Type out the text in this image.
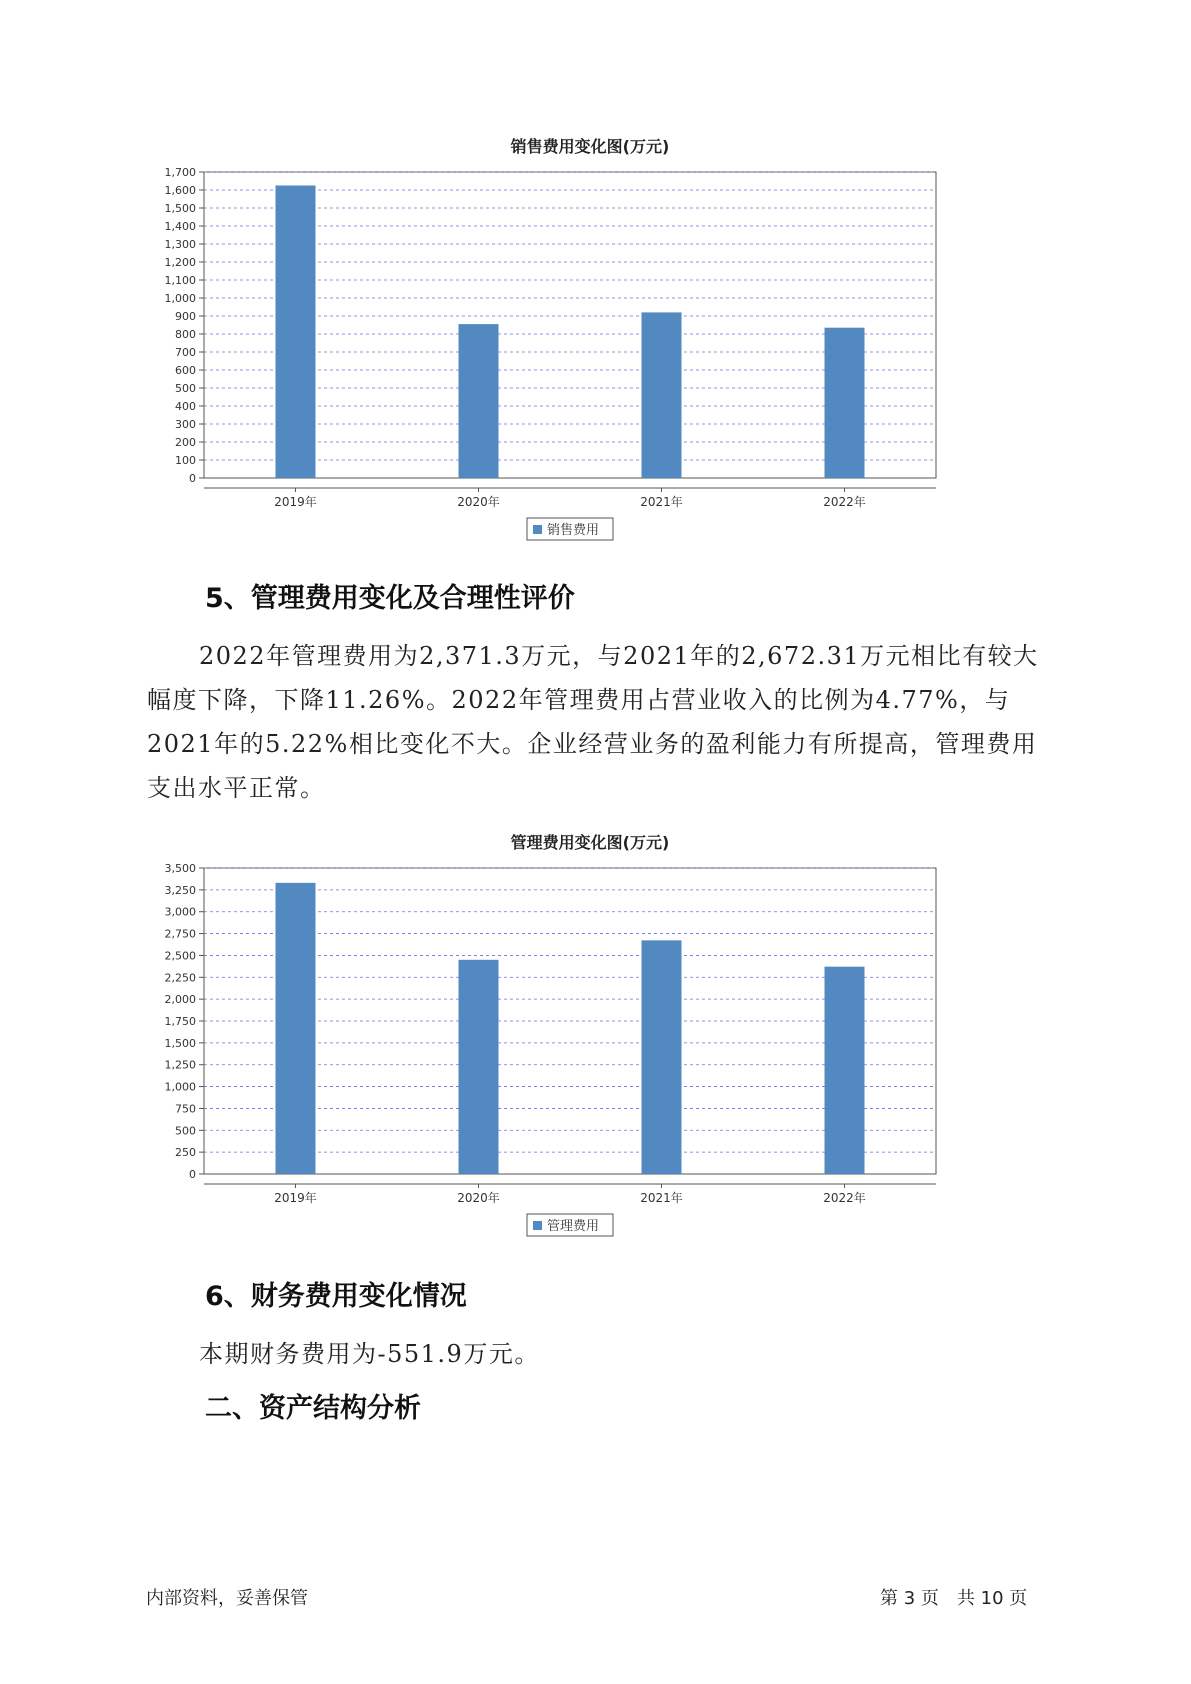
销售费用变化图(万元)
0
100
200
300
400
500
600
700
800
900
1,000
1,100
1,200
1,300
1,400
1,500
1,600
1,700
2019年	2020年	2021年	2022年
销售费用
5、管理费用变化及合理性评价
2022年管理费用为2,371.3万元，与2021年的2,672.31万元相比有较大幅度下降，下降11.26%。2022年管理费用占营业收入的比例为4.77%，与2021年的5.22%相比变化不大。企业经营业务的盈利能力有所提高，管理费用支出水平正常。
管理费用变化图(万元)
0
250
500
750
1,000
1,250
1,500
1,750
2,000
2,250
2,500
2,750
3,000
3,250
3,500
2019年	2020年	2021年	2022年
管理费用
6、财务费用变化情况
本期财务费用为-551.9万元。
二、资产结构分析
内部资料，妥善保管	第 3 页　共 10 页
